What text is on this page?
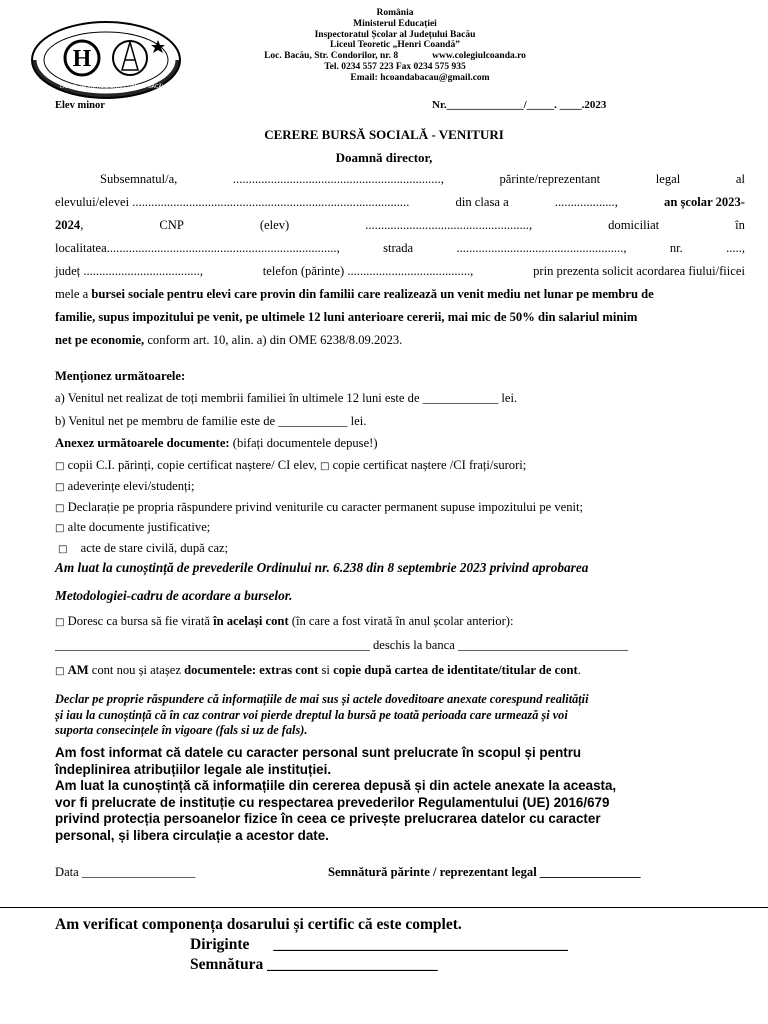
H
LICEUL TEORETIC „HENRI COANDĂ” BACĂU
România
Ministerul Educației
Inspectoratul Școlar al Județului Bacău
Liceul Teoretic „Henri Coandă”
Loc. Bacău, Str. Condorilor, nr. 8	www.colegiulcoanda.ro
Tel. 0234 557 223 Fax 0234 575 935
Email: hcoandabacau@gmail.com
Elev minor	Nr.______________/_____. ____.2023
CERERE BURSĂ SOCIALĂ - VENITURI
Doamnă director,
Subsemnatul/a,	..................................................................,	părinte/reprezentant	legal	al
elevului/elevei ........................................................................................	din clasa a	...................,	an școlar 2023-
2024,	CNP	(elev)	....................................................,	domiciliat	în
localitatea.........................................................................,	strada	.....................................................,	nr.	.....,
județ .....................................,	telefon (părinte) .......................................,	prin prezenta solicit acordarea fiului/fiicei
mele a bursei sociale pentru elevi care provin din familii care realizează un venit mediu net lunar pe membru de
familie, supus impozitului pe venit, pe ultimele 12 luni anterioare cererii, mai mic de 50% din salariul minim
net pe economie, conform art. 10, alin. a) din OME 6238/8.09.2023.
Menționez următoarele:
a) Venitul net realizat de toți membrii familiei în ultimele 12 luni este de ____________ lei.
b) Venitul net pe membru de familie este de ___________ lei.
Anexez următoarele documente: (bifați documentele depuse!)
□ copii C.I. părinți, copie certificat naștere/ CI elev, □ copie certificat naștere /CI frați/surori;
□ adeverințe elevi/studenți;
□ Declarație pe propria răspundere privind veniturile cu caracter permanent supuse impozitului pe venit;
□ alte documente justificative;
□ acte de stare civilă, după caz;
Am luat la cunoștință de prevederile Ordinului nr. 6.238 din 8 septembrie 2023 privind aprobarea
Metodologiei-cadru de acordare a burselor.
□ Doresc ca bursa să fie virată în același cont (în care a fost virată în anul școlar anterior):
__________________________________________________ deschis la banca ___________________________
□ AM cont nou și atașez documentele: extras cont si copie după cartea de identitate/titular de cont.
Declar pe proprie răspundere că informațiile de mai sus și actele doveditoare anexate corespund realității
și iau la cunoștință că în caz contrar voi pierde dreptul la bursă pe toată perioada care urmează și voi
suporta consecințele în vigoare (fals si uz de fals).
Am fost informat că datele cu caracter personal sunt prelucrate în scopul și pentru
îndeplinirea atribuțiilor legale ale instituției.
Am luat la cunoștință că informațiile din cererea depusă și din actele anexate la aceasta,
vor fi prelucrate de instituție cu respectarea prevederilor Regulamentului (UE) 2016/679
privind protecția persoanelor fizice în ceea ce privește prelucrarea datelor cu caracter
personal, și libera circulație a acestor date.
Data __________________	Semnătură părinte / reprezentant legal ________________
Am verificat componența dosarului și certific că este complet.
Diriginte ______________________________________
Semnătura ______________________
